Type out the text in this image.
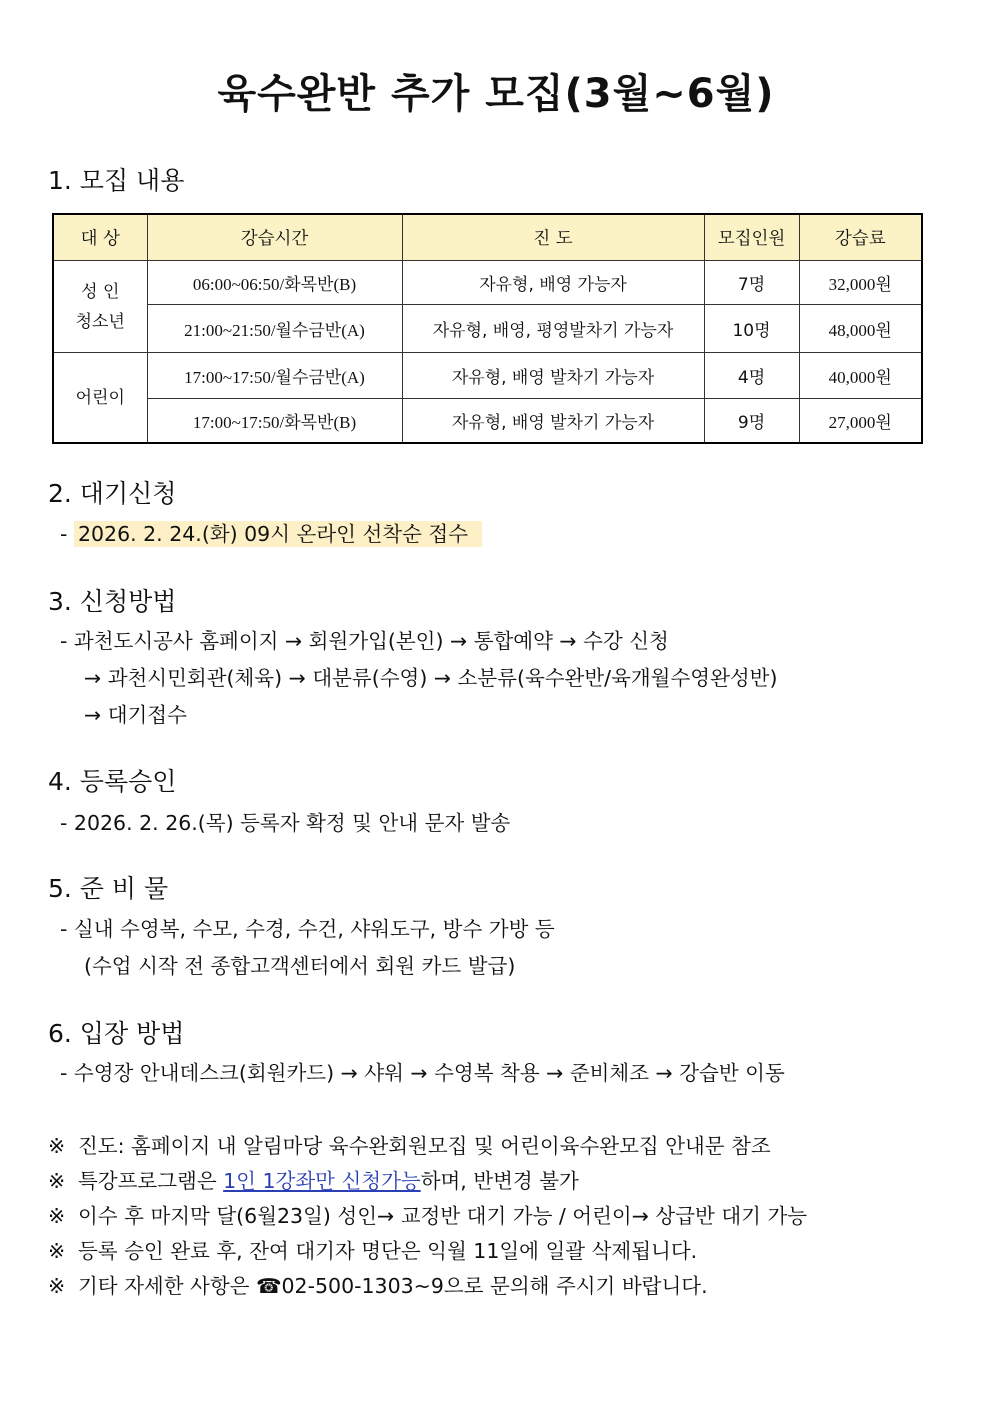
육수완반 추가 모집(3월~6월)
1. 모집 내용
대 상	강습시간	진 도	모집인원	강습료

성 인
청소년	06:00~06:50/화목반(B)	자유형, 배영 가능자	7명	32,000원
	21:00~21:50/월수금반(A)	자유형, 배영, 평영발차기 가능자	10명	48,000원

어린이	17:00~17:50/월수금반(A)	자유형, 배영 발차기 가능자	4명	40,000원
	17:00~17:50/화목반(B)	자유형, 배영 발차기 가능자	9명	27,000원
2. 대기신청
- 2026. 2. 24.(화) 09시 온라인 선착순 접수
3. 신청방법
- 과천도시공사 홈페이지 → 회원가입(본인) → 통합예약 → 수강 신청
→ 과천시민회관(체육) → 대분류(수영) → 소분류(육수완반/육개월수영완성반)
→ 대기접수
4. 등록승인
- 2026. 2. 26.(목) 등록자 확정 및 안내 문자 발송
5. 준 비 물
- 실내 수영복, 수모, 수경, 수건, 샤워도구, 방수 가방 등
(수업 시작 전 종합고객센터에서 회원 카드 발급)
6. 입장 방법
- 수영장 안내데스크(회원카드) → 샤워 → 수영복 착용 → 준비체조 → 강습반 이동
※ 진도: 홈페이지 내 알림마당 육수완회원모집 및 어린이육수완모집 안내문 참조
※ 특강프로그램은 1인 1강좌만 신청가능하며, 반변경 불가
※ 이수 후 마지막 달(6월23일) 성인→ 교정반 대기 가능 / 어린이→ 상급반 대기 가능
※ 등록 승인 완료 후, 잔여 대기자 명단은 익월 11일에 일괄 삭제됩니다.
※ 기타 자세한 사항은 ☎02-500-1303~9으로 문의해 주시기 바랍니다.
